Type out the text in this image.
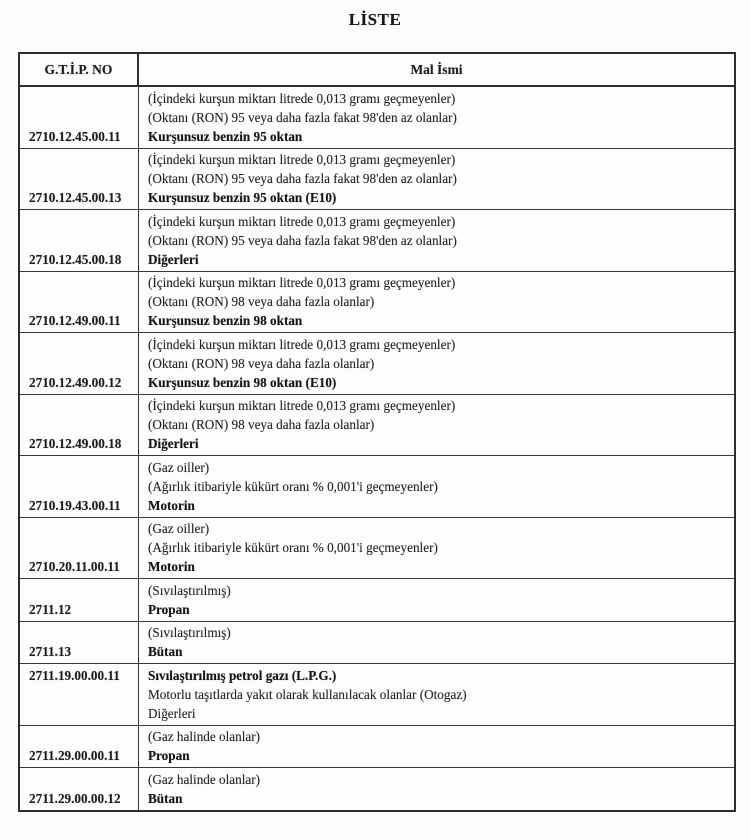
LİSTE
G.T.İ.P. NO	Mal İsmi
2710.12.45.00.11
(İçindeki kurşun miktarı litrede 0,013 gramı geçmeyenler)
(Oktanı (RON) 95 veya daha fazla fakat 98'den az olanlar)
Kurşunsuz benzin 95 oktan
2710.12.45.00.13
(İçindeki kurşun miktarı litrede 0,013 gramı geçmeyenler)
(Oktanı (RON) 95 veya daha fazla fakat 98'den az olanlar)
Kurşunsuz benzin 95 oktan (E10)
2710.12.45.00.18
(İçindeki kurşun miktarı litrede 0,013 gramı geçmeyenler)
(Oktanı (RON) 95 veya daha fazla fakat 98'den az olanlar)
Diğerleri
2710.12.49.00.11
(İçindeki kurşun miktarı litrede 0,013 gramı geçmeyenler)
(Oktanı (RON) 98 veya daha fazla olanlar)
Kurşunsuz benzin 98 oktan
2710.12.49.00.12
(İçindeki kurşun miktarı litrede 0,013 gramı geçmeyenler)
(Oktanı (RON) 98 veya daha fazla olanlar)
Kurşunsuz benzin 98 oktan (E10)
2710.12.49.00.18
(İçindeki kurşun miktarı litrede 0,013 gramı geçmeyenler)
(Oktanı (RON) 98 veya daha fazla olanlar)
Diğerleri
2710.19.43.00.11
(Gaz oiller)
(Ağırlık itibariyle kükürt oranı % 0,001'i geçmeyenler)
Motorin
2710.20.11.00.11
(Gaz oiller)
(Ağırlık itibariyle kükürt oranı % 0,001'i geçmeyenler)
Motorin
2711.12
(Sıvılaştırılmış)
Propan
2711.13
(Sıvılaştırılmış)
Bütan
2711.19.00.00.11 Sıvılaştırılmış petrol gazı (L.P.G.)
Motorlu taşıtlarda yakıt olarak kullanılacak olanlar (Otogaz)
Diğerleri
2711.29.00.00.11
(Gaz halinde olanlar)
Propan
2711.29.00.00.12
(Gaz halinde olanlar)
Bütan
